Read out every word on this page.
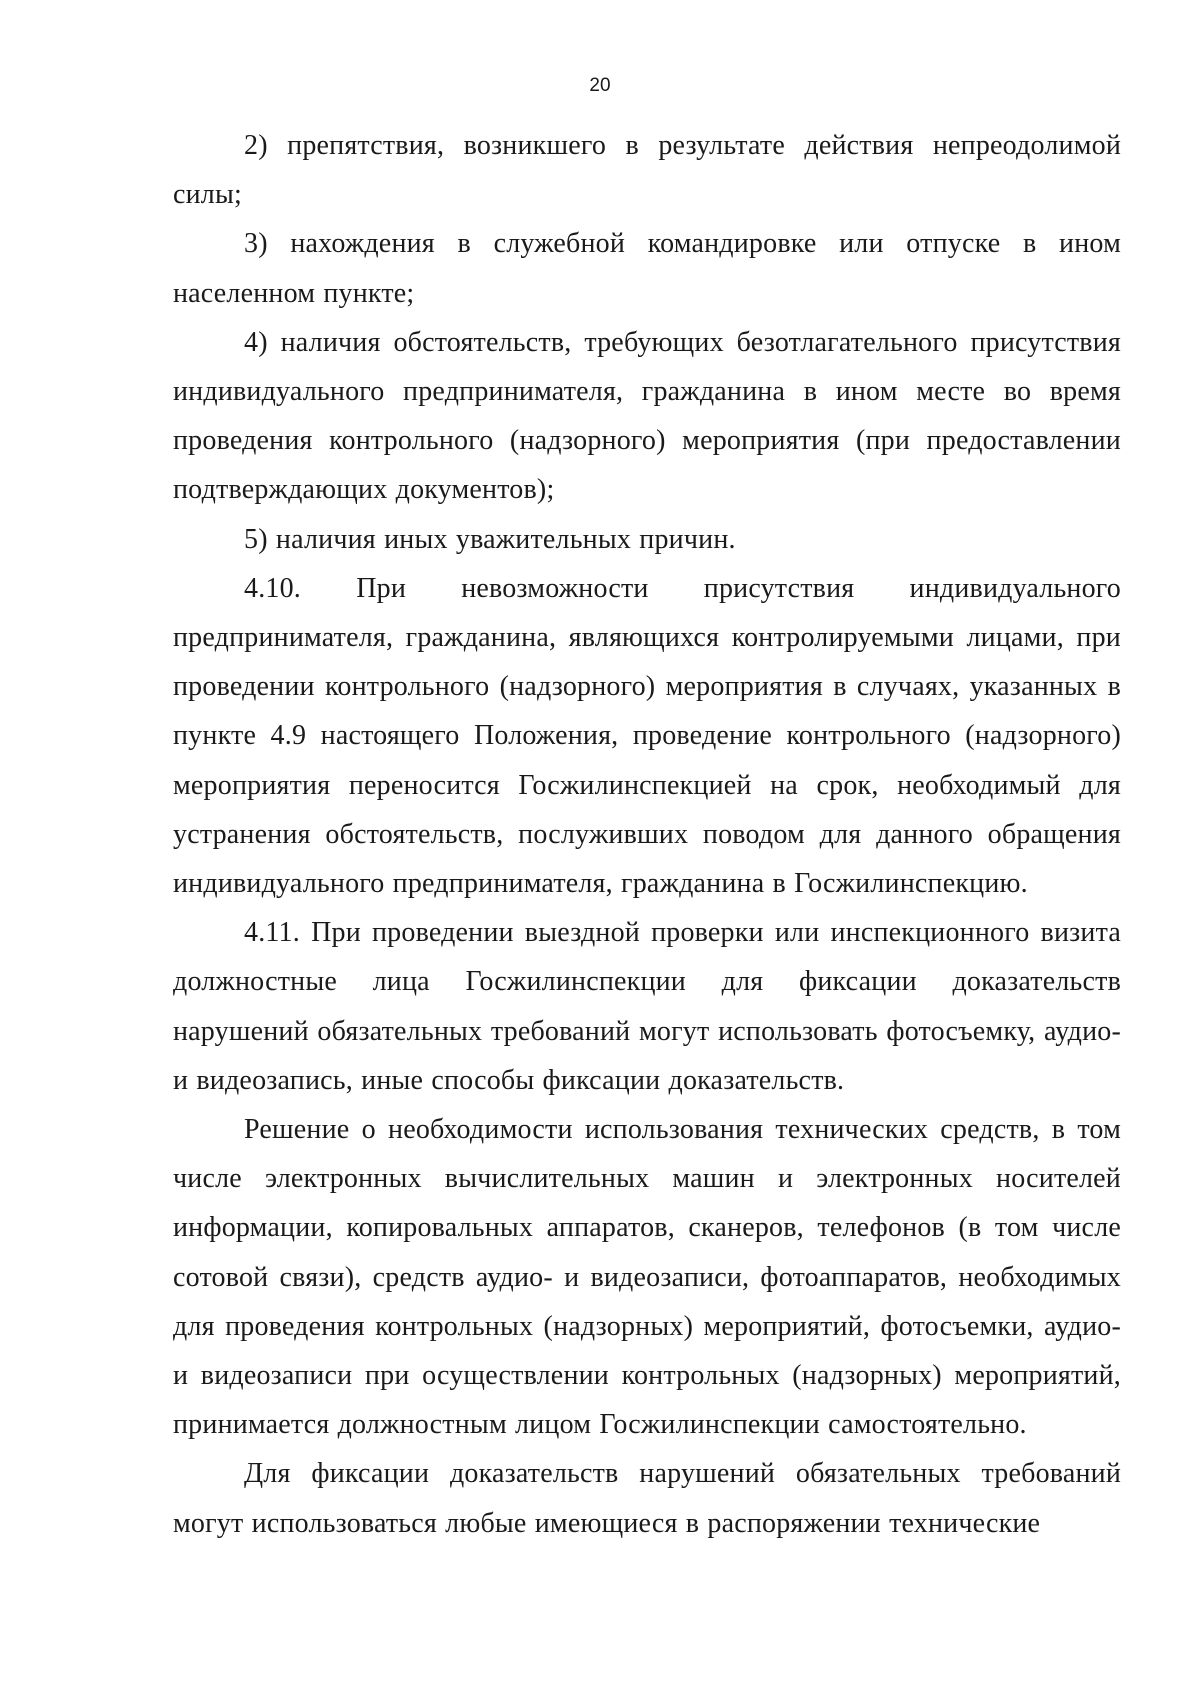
20

2) препятствия, возникшего в результате действия непреодолимой силы;

3) нахождения в служебной командировке или отпуске в ином населенном пункте;

4) наличия обстоятельств, требующих безотлагательного присутствия индивидуального предпринимателя, гражданина в ином месте во время проведения контрольного (надзорного) мероприятия (при предоставлении подтверждающих документов);

5) наличия иных уважительных причин.

4.10. При невозможности присутствия индивидуального предпринимателя, гражданина, являющихся контролируемыми лицами, при проведении контрольного (надзорного) мероприятия в случаях, указанных в пункте 4.9 настоящего Положения, проведение контрольного (надзорного) мероприятия переносится Госжилинспекцией на срок, необходимый для устранения обстоятельств, послуживших поводом для данного обращения индивидуального предпринимателя, гражданина в Госжилинспекцию.

4.11. При проведении выездной проверки или инспекционного визита должностные лица Госжилинспекции для фиксации доказательств нарушений обязательных требований могут использовать фотосъемку, аудио- и видеозапись, иные способы фиксации доказательств.

Решение о необходимости использования технических средств, в том числе электронных вычислительных машин и электронных носителей информации, копировальных аппаратов, сканеров, телефонов (в том числе сотовой связи), средств аудио- и видеозаписи, фотоаппаратов, необходимых для проведения контрольных (надзорных) мероприятий, фотосъемки, аудио- и видеозаписи при осуществлении контрольных (надзорных) мероприятий, принимается должностным лицом Госжилинспекции самостоятельно.

Для фиксации доказательств нарушений обязательных требований могут использоваться любые имеющиеся в распоряжении технические
